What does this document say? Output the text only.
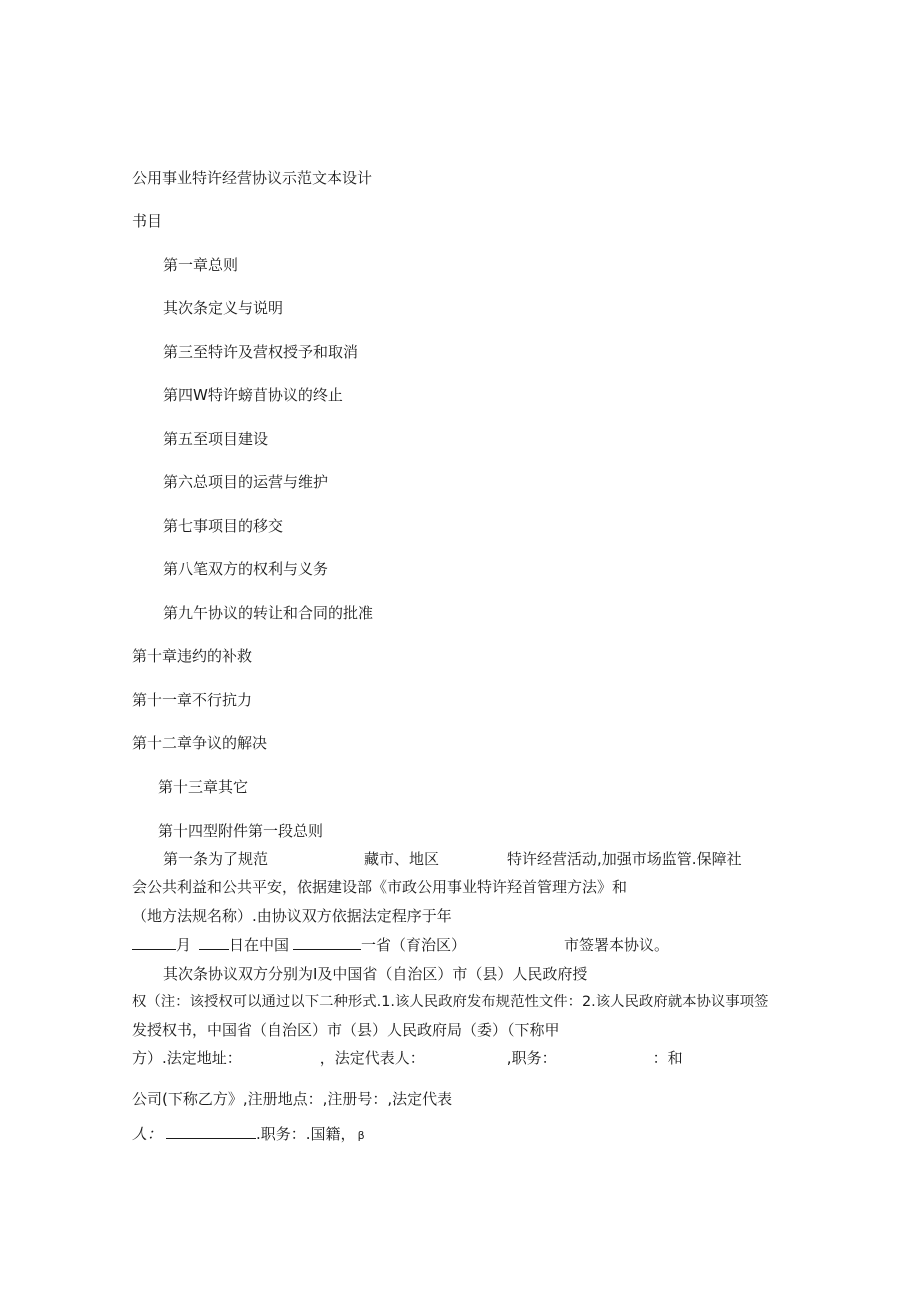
公用事业特许经营协议示范文本设计
书目
第一章总则
其次条定义与说明
第三至特许及营权授予和取消
第四W特许螃苜协议的终止
第五至项目建设
第六总项目的运营与维护
第七事项目的移交
第八笔双方的权利与义务
第九午协议的转让和合同的批准
第十章违约的补救
第十一章不行抗力
第十二章争议的解决
第十三章其它
第十四型附件第一段总则
第一条为了规范	藏市、地区	特许经营活动,加强市场监管.保障社
会公共利益和公共平安，依据建设部《市政公用事业特许羟首管理方法》和
（地方法规名称）.由协议双方依据法定程序于年
月	日在中国	一省（育治区）	市签署本协议。
其次条协议双方分别为I及中国省（自治区）市（县）人民政府授
权（注：该授权可以通过以下二种形式.1.该人民政府发布规范性文件：2.该人民政府就本协议事项签
发授权书，中国省（自治区）市（县）人民政府局（委）（下称甲
方）.法定地址：	，法定代表人：	,职务：	：和
公司(下称乙方》,注册地点：,注册号：,法定代表
人：	.职务：.国籍， β
